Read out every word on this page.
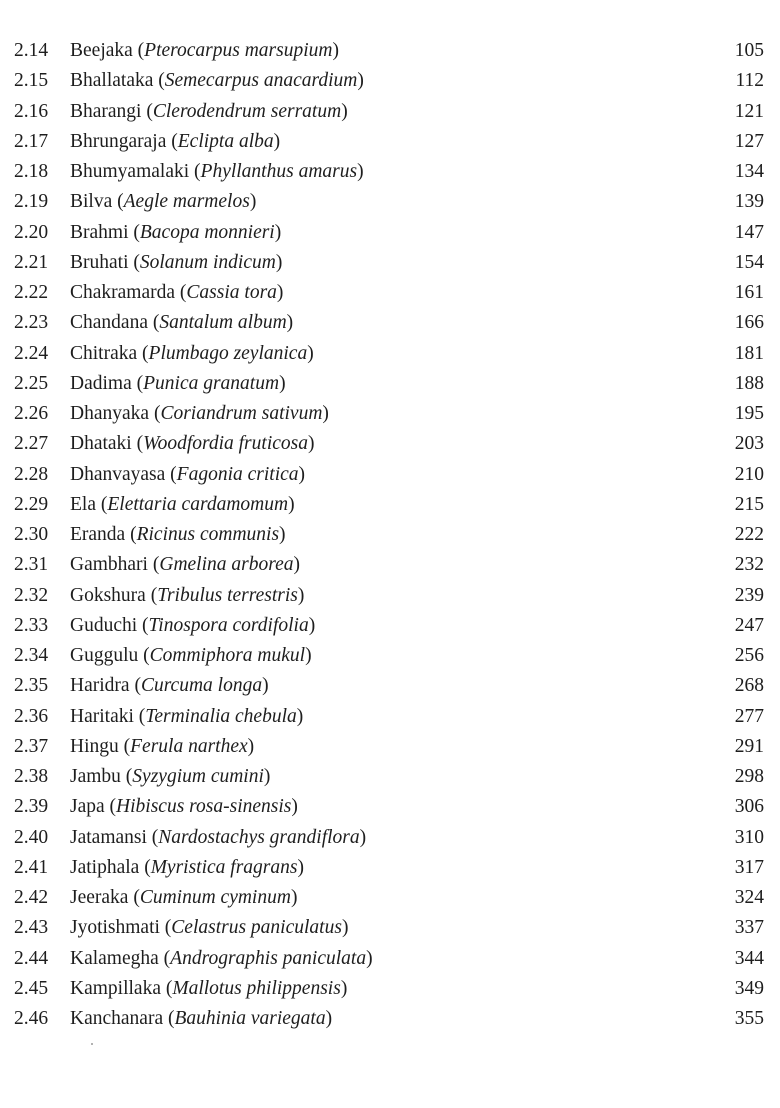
2.14 Beejaka (Pterocarpus marsupium)	105
2.15 Bhallataka (Semecarpus anacardium)	112
2.16 Bharangi (Clerodendrum serratum)	121
2.17 Bhrungaraja (Eclipta alba)	127
2.18 Bhumyamalaki (Phyllanthus amarus)	134
2.19 Bilva (Aegle marmelos)	139
2.20 Brahmi (Bacopa monnieri)	147
2.21 Bruhati (Solanum indicum)	154
2.22 Chakramarda (Cassia tora)	161
2.23 Chandana (Santalum album)	166
2.24 Chitraka (Plumbago zeylanica)	181
2.25 Dadima (Punica granatum)	188
2.26 Dhanyaka (Coriandrum sativum)	195
2.27 Dhataki (Woodfordia fruticosa)	203
2.28 Dhanvayasa (Fagonia critica)	210
2.29 Ela (Elettaria cardamomum)	215
2.30 Eranda (Ricinus communis)	222
2.31 Gambhari (Gmelina arborea)	232
2.32 Gokshura (Tribulus terrestris)	239
2.33 Guduchi (Tinospora cordifolia)	247
2.34 Guggulu (Commiphora mukul)	256
2.35 Haridra (Curcuma longa)	268
2.36 Haritaki (Terminalia chebula)	277
2.37 Hingu (Ferula narthex)	291
2.38 Jambu (Syzygium cumini)	298
2.39 Japa (Hibiscus rosa-sinensis)	306
2.40 Jatamansi (Nardostachys grandiflora)	310
2.41 Jatiphala (Myristica fragrans)	317
2.42 Jeeraka (Cuminum cyminum)	324
2.43 Jyotishmati (Celastrus paniculatus)	337
2.44 Kalamegha (Andrographis paniculata)	344
2.45 Kampillaka (Mallotus philippensis)	349
2.46 Kanchanara (Bauhinia variegata)	355
